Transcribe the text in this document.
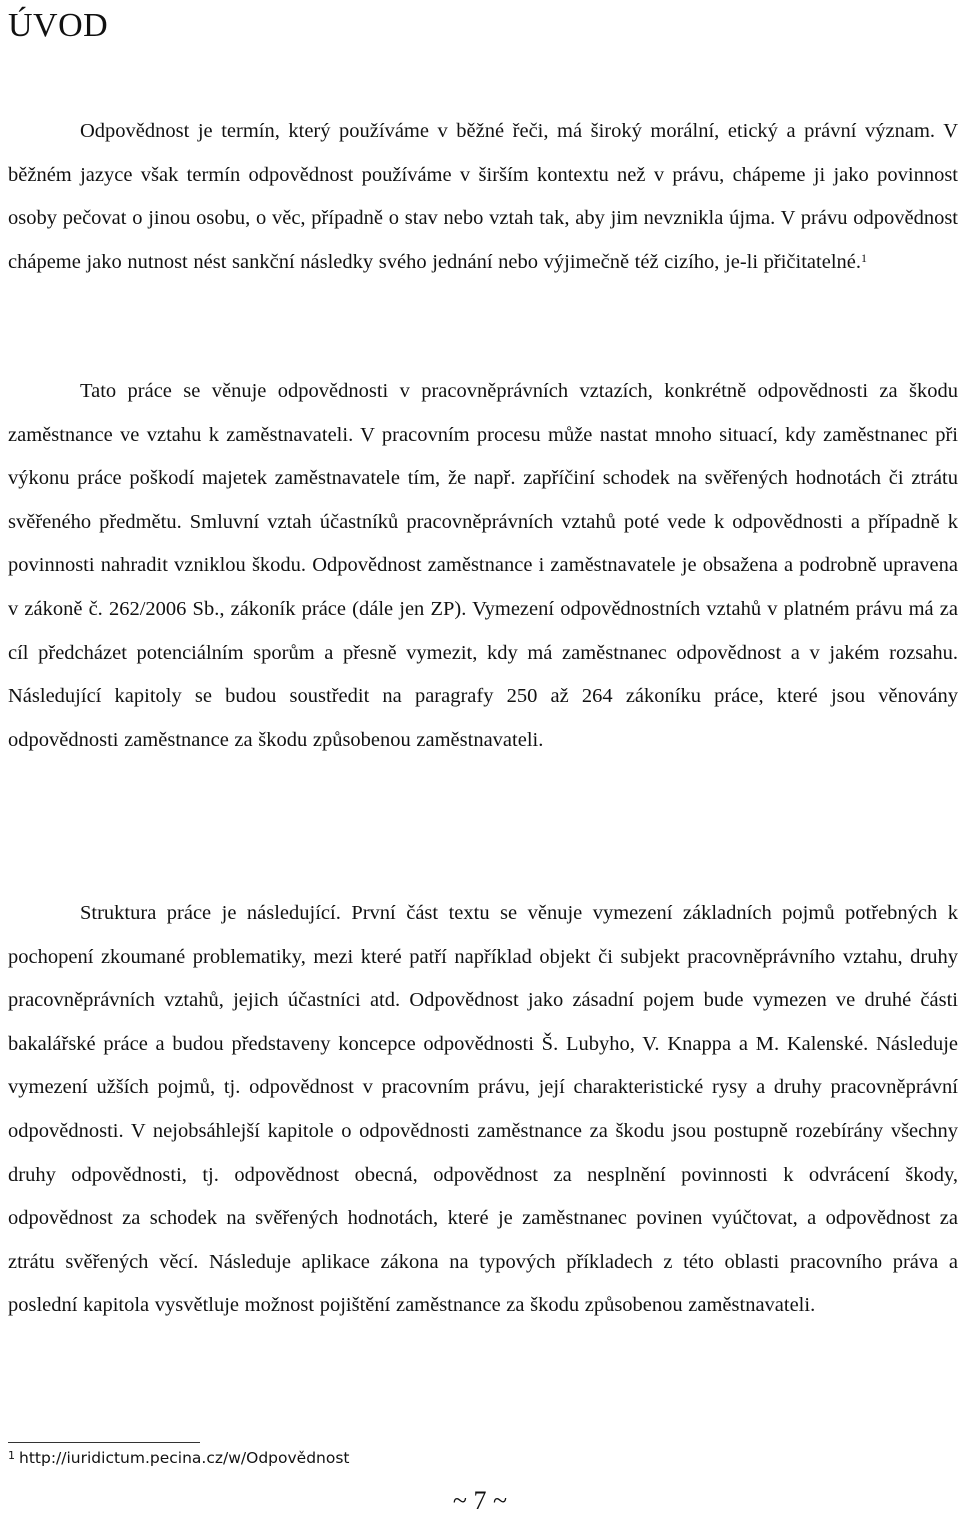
ÚVOD

Odpovědnost je termín, který používáme v běžné řeči, má široký morální, etický a právní význam. V běžném jazyce však termín odpovědnost používáme v širším kontextu než v právu, chápeme ji jako povinnost osoby pečovat o jinou osobu, o věc, případně o stav nebo vztah tak, aby jim nevznikla újma. V právu odpovědnost chápeme jako nutnost nést sankční následky svého jednání nebo výjimečně též cizího, je-li přičitatelné.$^1$

Tato práce se věnuje odpovědnosti v pracovněprávních vztazích, konkrétně odpovědnosti za škodu zaměstnance ve vztahu k zaměstnavateli. V pracovním procesu může nastat mnoho situací, kdy zaměstnanec při výkonu práce poškodí majetek zaměstnavatele tím, že např. zapříčiní schodek na svěřených hodnotách či ztrátu svěřeného předmětu. Smluvní vztah účastníků pracovněprávních vztahů poté vede k odpovědnosti a případně k povinnosti nahradit vzniklou škodu. Odpovědnost zaměstnance i zaměstnavatele je obsažena a podrobně upravena v zákoně č. 262/2006 Sb., zákoník práce (dále jen ZP). Vymezení odpovědnostních vztahů v platném právu má za cíl předcházet potenciálním sporům a přesně vymezit, kdy má zaměstnanec odpovědnost a v jakém rozsahu. Následující kapitoly se budou soustředit na paragrafy 250 až 264 zákoníku práce, které jsou věnovány odpovědnosti zaměstnance za škodu způsobenou zaměstnavateli.

Struktura práce je následující. První část textu se věnuje vymezení základních pojmů potřebných k pochopení zkoumané problematiky, mezi které patří například objekt či subjekt pracovněprávního vztahu, druhy pracovněprávních vztahů, jejich účastníci atd. Odpovědnost jako zásadní pojem bude vymezen ve druhé části bakalářské práce a budou představeny koncepce odpovědnosti Š. Lubyho, V. Knappa a M. Kalenské. Následuje vymezení užších pojmů, tj. odpovědnost v pracovním právu, její charakteristické rysy a druhy pracovněprávní odpovědnosti. V nejobsáhlejší kapitole o odpovědnosti zaměstnance za škodu jsou postupně rozebírány všechny druhy odpovědnosti, tj. odpovědnost obecná, odpovědnost za nesplnění povinnosti k odvrácení škody, odpovědnost za schodek na svěřených hodnotách, které je zaměstnanec povinen vyúčtovat, a odpovědnost za ztrátu svěřených věcí. Následuje aplikace zákona na typových příkladech z této oblasti pracovního práva a poslední kapitola vysvětluje možnost pojištění zaměstnance za škodu způsobenou zaměstnavateli.

$^1$ http://iuridictum.pecina.cz/w/Odpovědnost
~ 7 ~
